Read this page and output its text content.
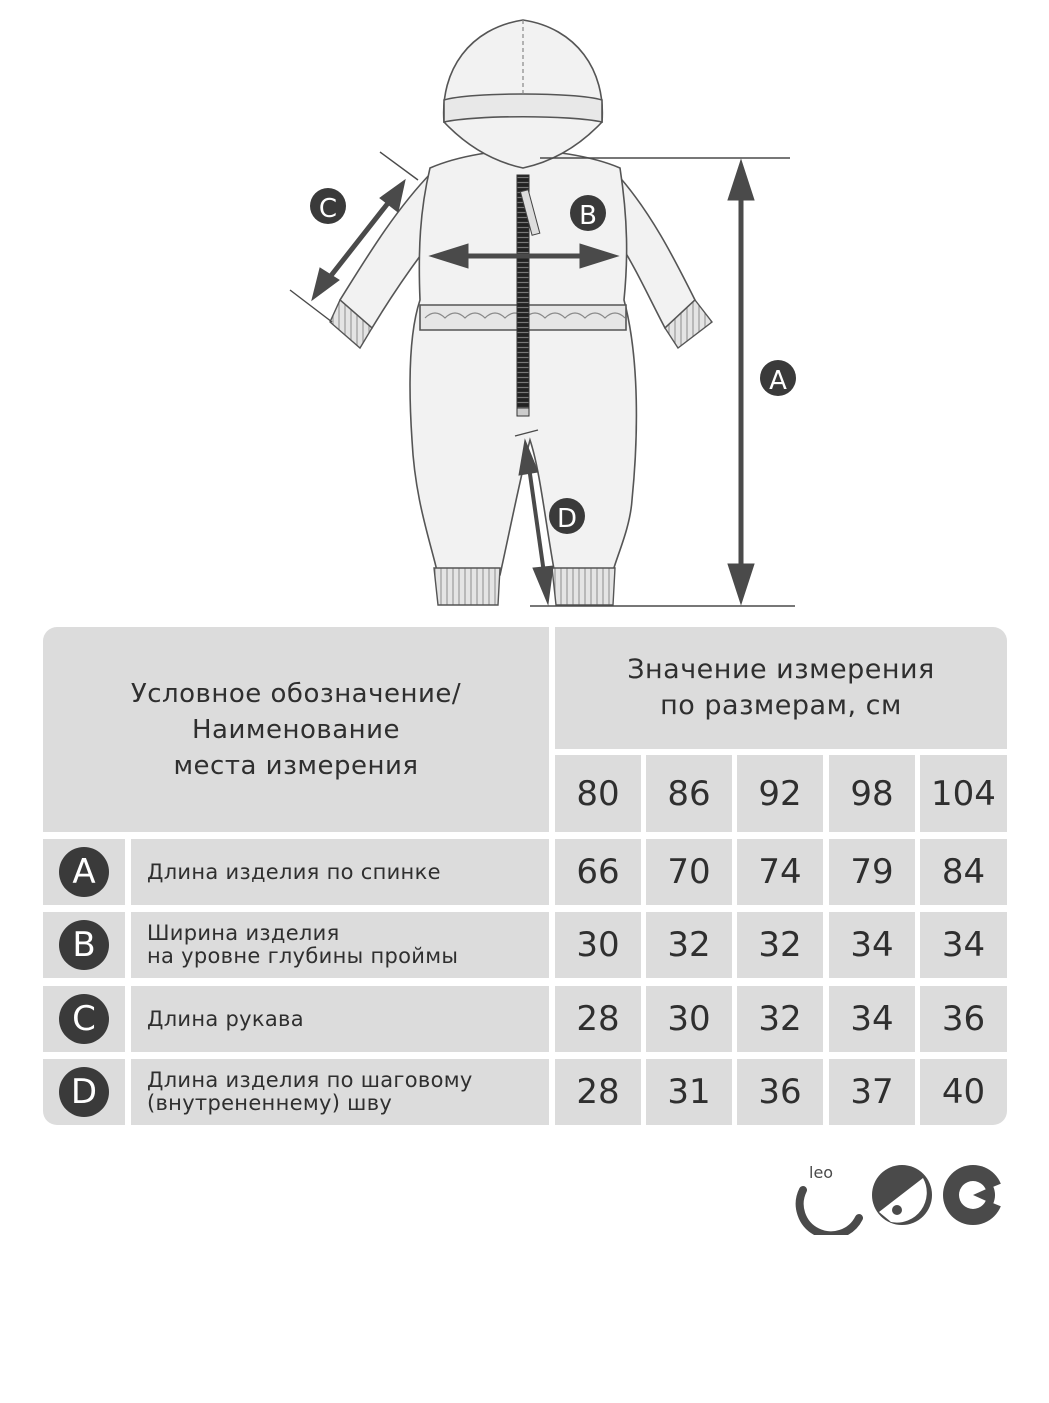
A
B
C
D
Условное обозначение/
Наименование
места измерения
Значение измерения
по размерам, см
80	86	92	98	104
A	Длина изделия по спинке	66	70	74	79	84
B	Ширина изделия
на уровне глубины проймы	30	32	32	34	34
C	Длина рукава	28	30	32	34	36
D	Длина изделия по шаговому
(внутрененнему) шву	28	31	36	37	40
leo
